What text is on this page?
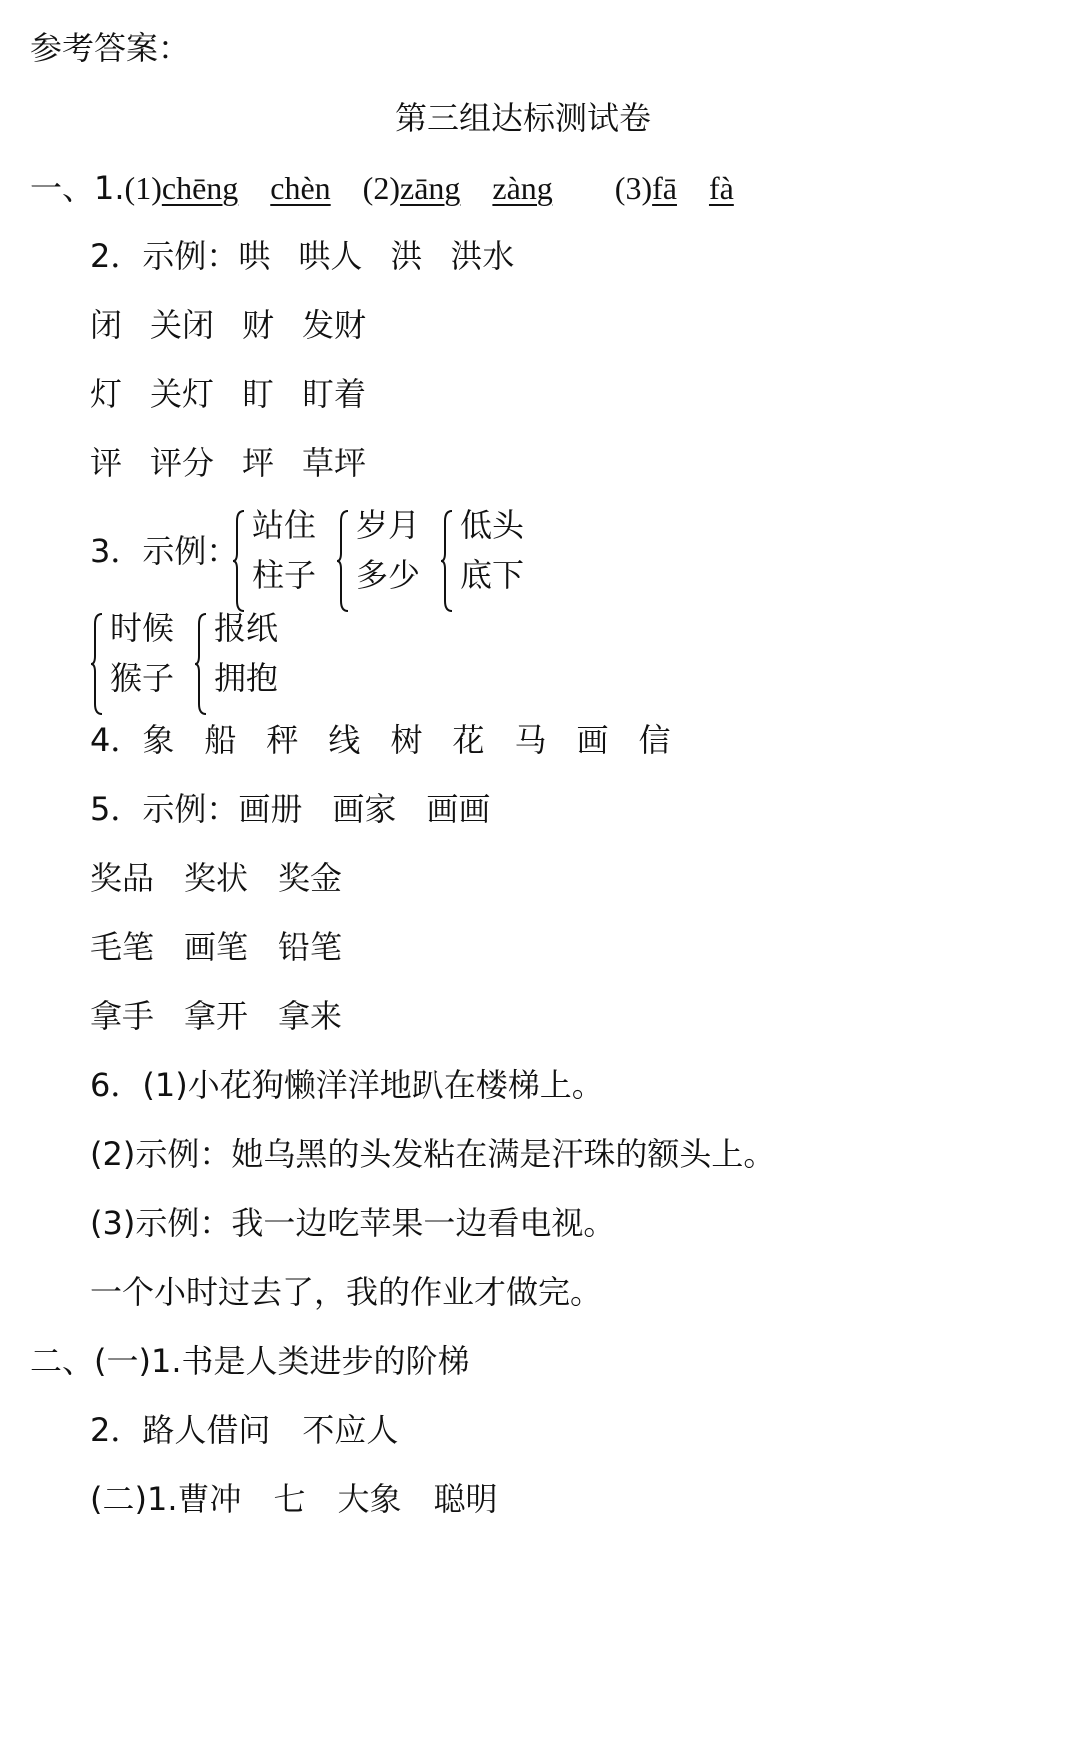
参考答案：
第三组达标测试卷
一、1.(1)chēng chèn (2)zāng zàng (3)fā fà
2．示例：哄 哄人 洪 洪水
闭 关闭 财 发财
灯 关灯 盯 盯着
评 评分 坪 草坪
3．示例：
站住
柱子
岁月
多少
低头
底下
时候
猴子
报纸
拥抱
4．象 船 秤 线 树 花 马 画 信
5．示例：画册 画家 画画
奖品 奖状 奖金
毛笔 画笔 铅笔
拿手 拿开 拿来
6．(1)小花狗懒洋洋地趴在楼梯上。
(2)示例：她乌黑的头发粘在满是汗珠的额头上。
(3)示例：我一边吃苹果一边看电视。
一个小时过去了，我的作业才做完。
二、(一)1.书是人类进步的阶梯
2．路人借问　不应人
(二)1.曹冲　七　大象　聪明
